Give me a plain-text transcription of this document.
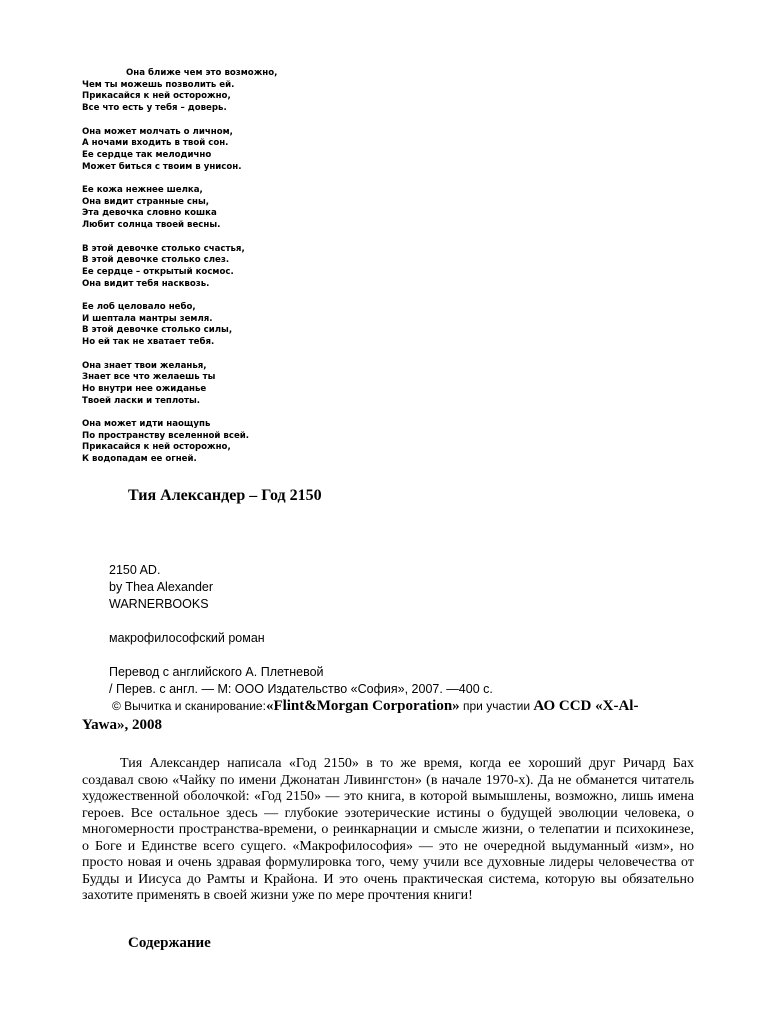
Она ближе чем это возможно,
Чем ты можешь позволить ей.
Прикасайся к ней осторожно,
Все что есть у тебя – доверь.
Она может молчать о личном,
А ночами входить в твой сон.
Ее сердце так мелодично
Может биться с твоим в унисон.
Ее кожа нежнее шелка,
Она видит странные сны,
Эта девочка словно кошка
Любит солнца твоей весны.
В этой девочке столько счастья,
В этой девочке столько слез.
Ее сердце – открытый космос.
Она видит тебя насквозь.
Ее лоб целовало небо,
И шептала мантры земля.
В этой девочке столько силы,
Но ей так не хватает тебя.
Она знает твои желанья,
Знает все что желаешь ты
Но внутри нее ожиданье
Твоей ласки и теплоты.
Она может идти наощупь
По пространству вселенной всей.
Прикасайся к ней осторожно,
К водопадам ее огней.
Тия Александер – Год 2150
2150 AD.
by Thea Alexander
WARNERBOOKS
макрофилософский роман
Перевод с английского А. Плетневой
/ Перев. с англ. — М: ООО Издательство «София», 2007. —400 с.
© Вычитка и сканирование:«Flint&Morgan Corporation» при участии АО CCD «X-Al-
Yawa», 2008
Тия Александер написала «Год 2150» в то же время, когда ее хороший друг Ричард Бах создавал свою «Чайку по имени Джонатан Ливингстон» (в начале 1970-х). Да не обманется читатель художественной оболочкой: «Год 2150» — это книга, в которой вымышлены, возможно, лишь имена героев. Все остальное здесь — глубокие эзотерические истины о будущей эволюции человека, о многомерности пространства-времени, о реинкарнации и смысле жизни, о телепатии и психокинезе, о Боге и Единстве всего сущего. «Макрофилософия» — это не очередной выдуманный «изм», но просто новая и очень здравая формулировка того, чему учили все духовные лидеры человечества от Будды и Иисуса до Рамты и Крайона. И это очень практическая система, которую вы обязательно захотите применять в своей жизни уже по мере прочтения книги!
Содержание
